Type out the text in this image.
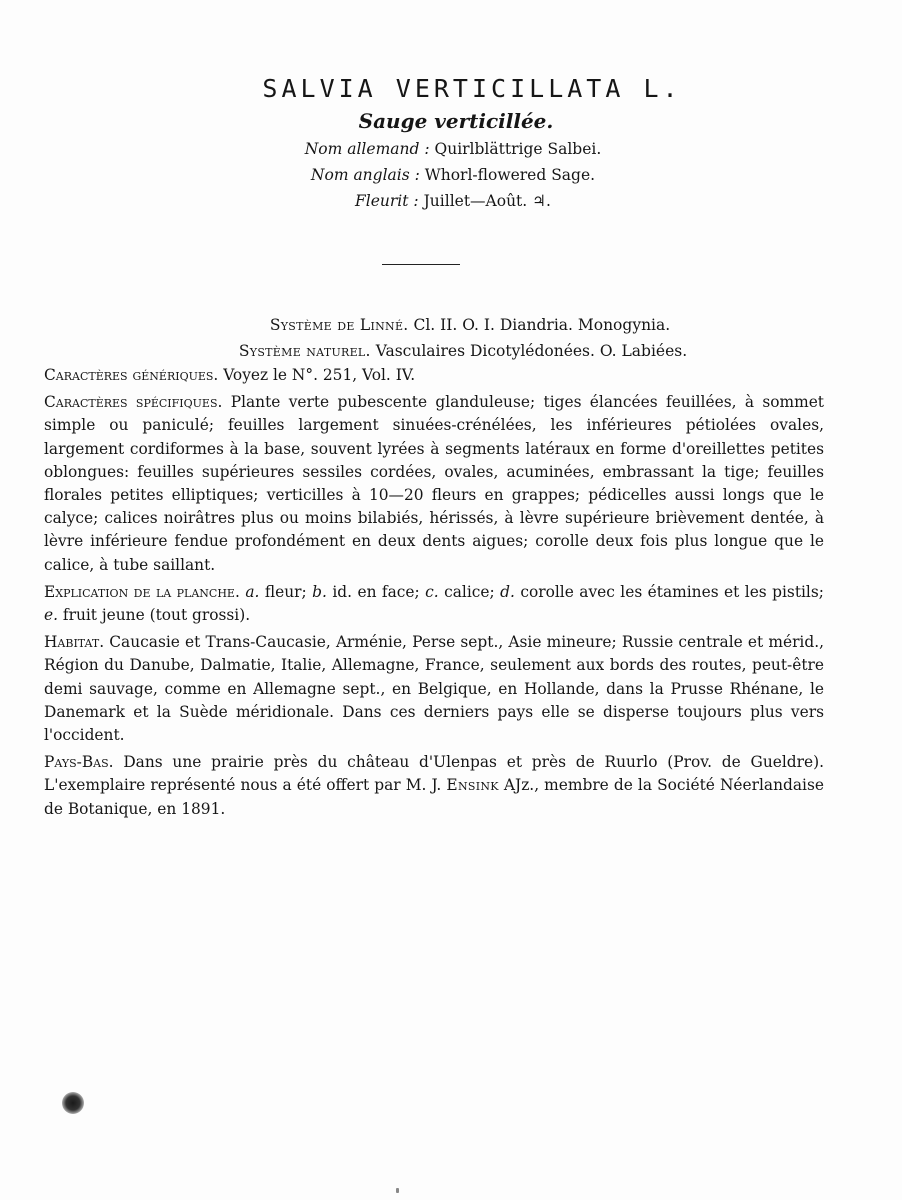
SALVIA VERTICILLATA L.
Sauge verticillée.
Nom allemand : Quirlblättrige Salbei.
Nom anglais : Whorl-flowered Sage.
Fleurit : Juillet—Août. ♃.
Système de Linné. Cl. II. O. I. Diandria. Monogynia.
Système naturel. Vasculaires Dicotylédonées. O. Labiées.

Caractères génériques. Voyez le N°. 251, Vol. IV.

Caractères spécifiques. Plante verte pubescente glanduleuse; tiges élancées feuillées, à sommet simple ou paniculé; feuilles largement sinuées-crénélées, les inférieures pétiolées ovales, largement cordiformes à la base, souvent lyrées à segments latéraux en forme d'oreillettes petites oblongues: feuilles supérieures sessiles cordées, ovales, acuminées, embrassant la tige; feuilles florales petites elliptiques; verticilles à 10—20 fleurs en grappes; pédicelles aussi longs que le calyce; calices noirâtres plus ou moins bilabiés, hérissés, à lèvre supérieure brièvement dentée, à lèvre inférieure fendue profondément en deux dents aigues; corolle deux fois plus longue que le calice, à tube saillant.

Explication de la planche. a. fleur; b. id. en face; c. calice; d. corolle avec les étamines et les pistils; e. fruit jeune (tout grossi).

Habitat. Caucasie et Trans-Caucasie, Arménie, Perse sept., Asie mineure; Russie centrale et mérid., Région du Danube, Dalmatie, Italie, Allemagne, France, seulement aux bords des routes, peut-être demi sauvage, comme en Allemagne sept., en Belgique, en Hollande, dans la Prusse Rhénane, le Danemark et la Suède méridionale. Dans ces derniers pays elle se disperse toujours plus vers l'occident.

Pays-Bas. Dans une prairie près du château d'Ulenpas et près de Ruurlo (Prov. de Gueldre). L'exemplaire représenté nous a été offert par M. J. Ensink AJz., membre de la Société Néerlandaise de Botanique, en 1891.
